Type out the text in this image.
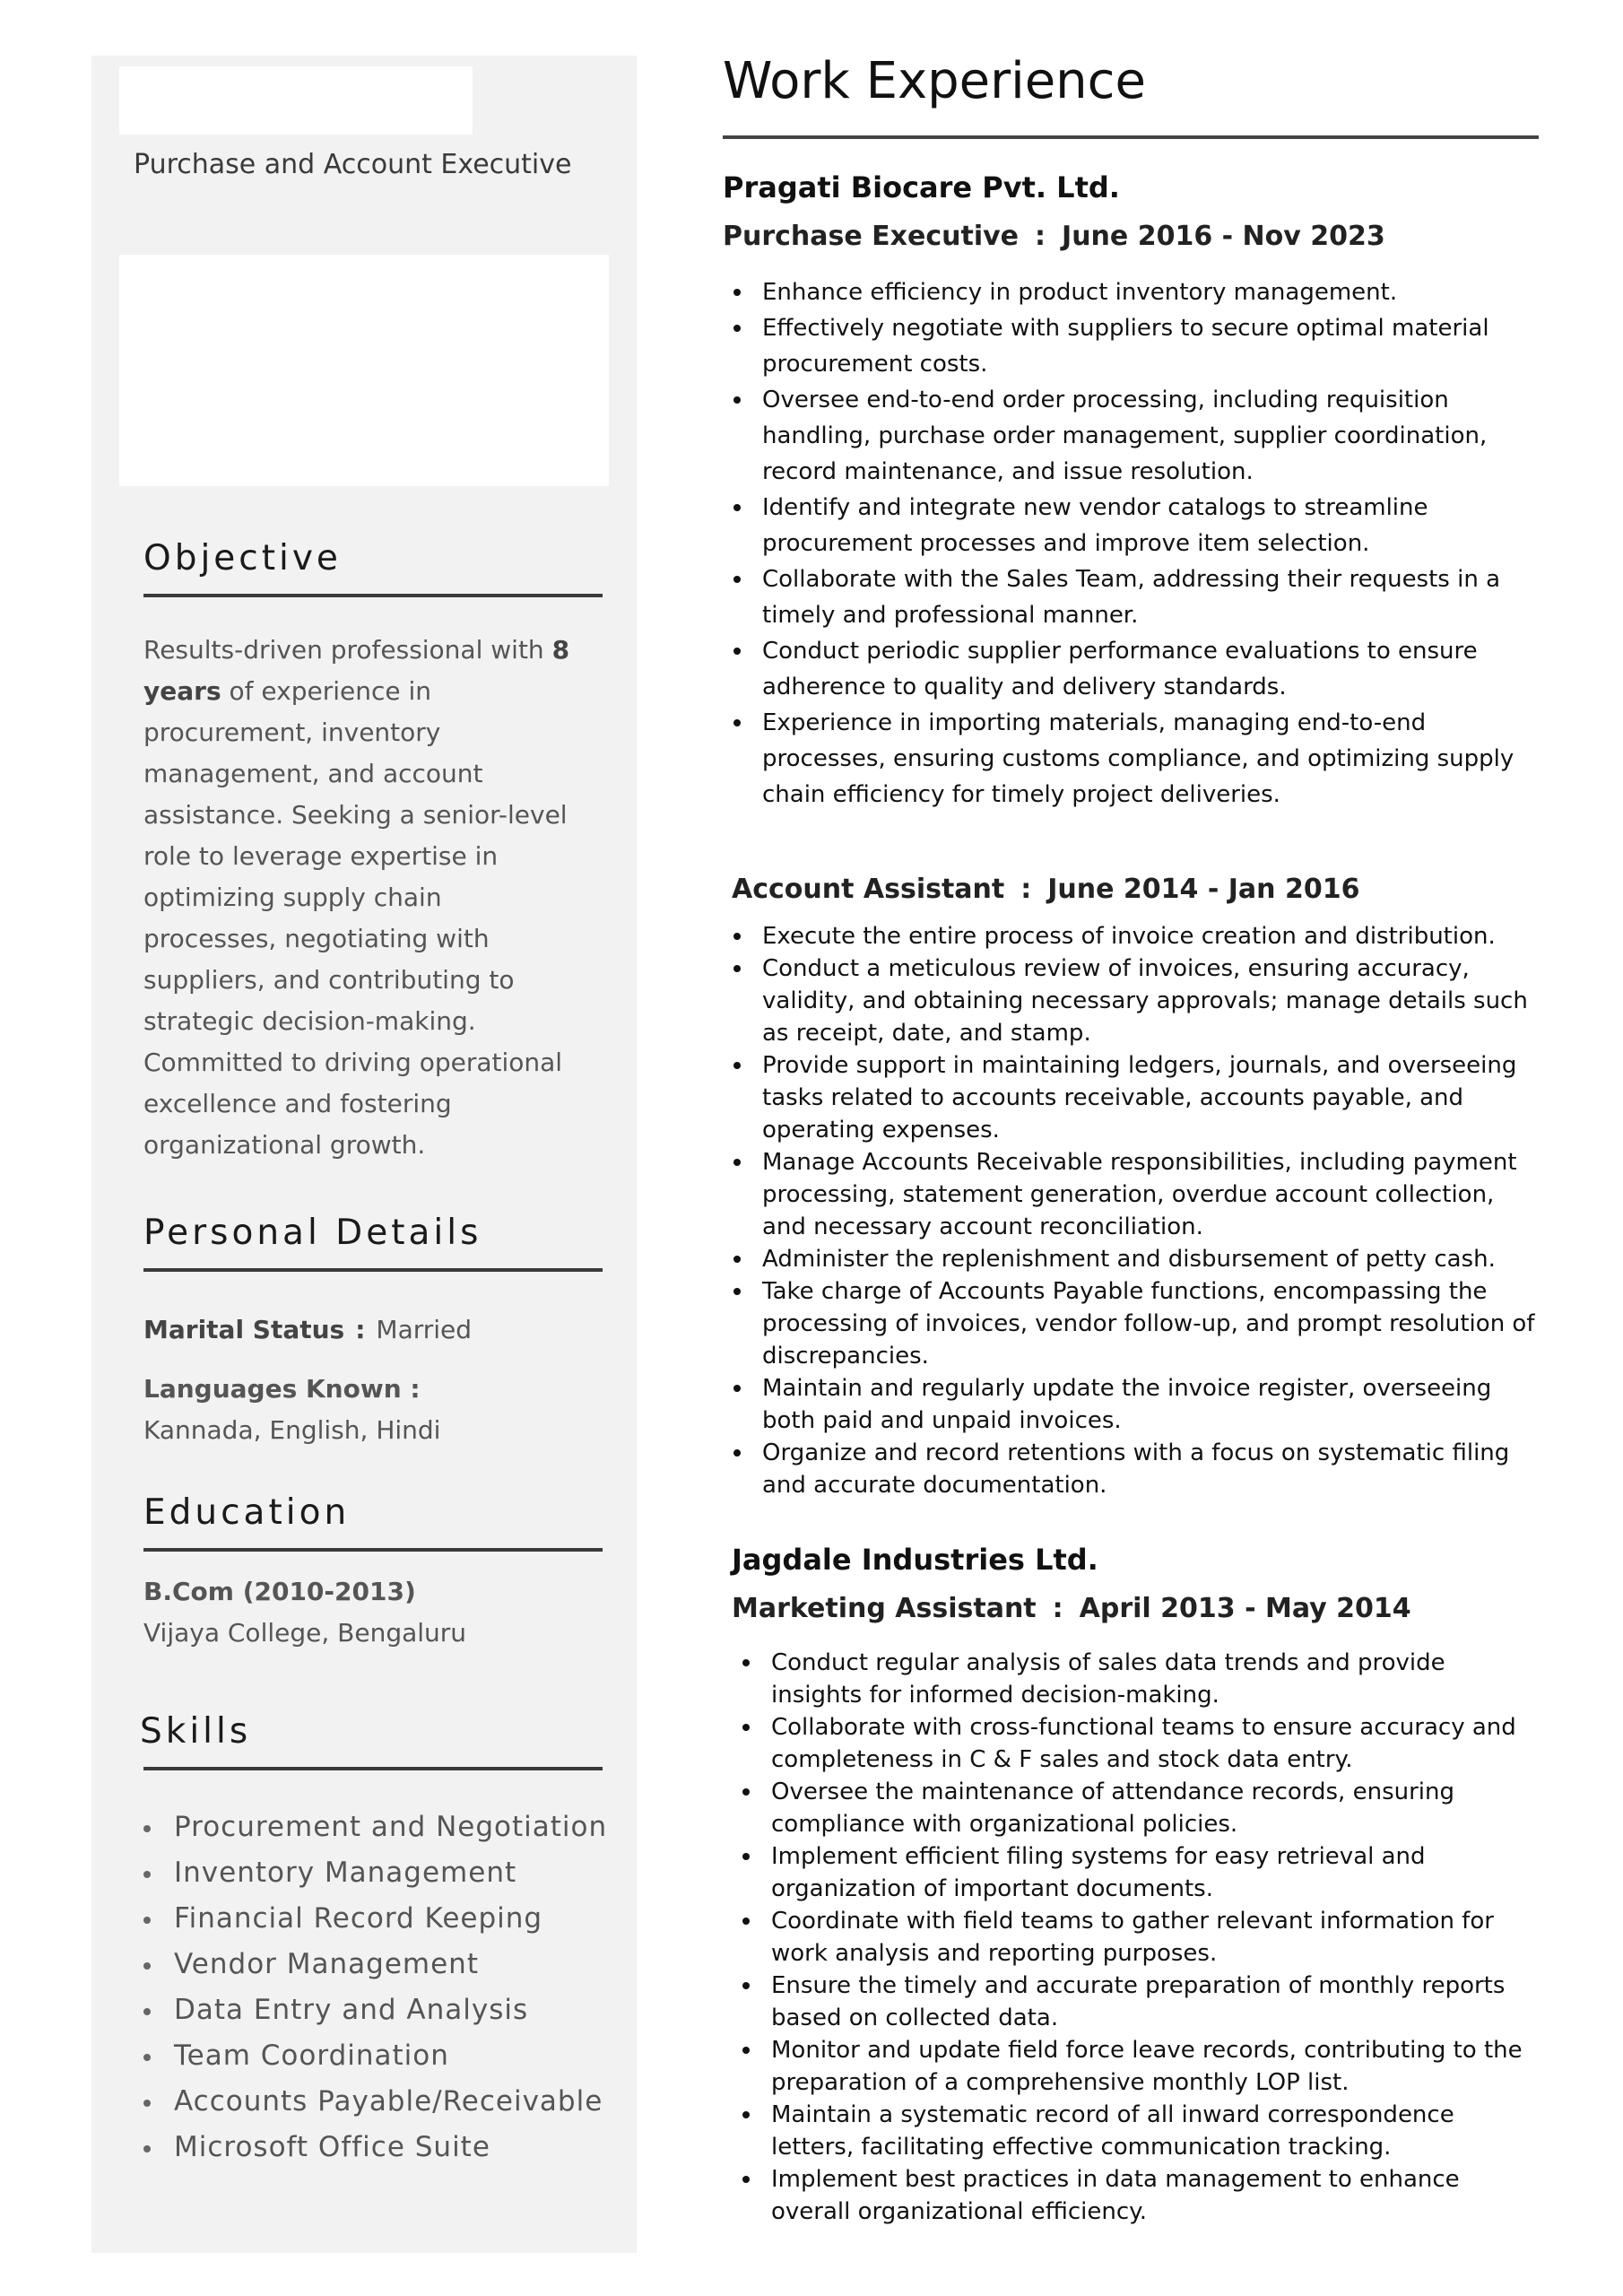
Purchase and Account Executive
Objective
Results-driven professional with 8 years of experience in procurement, inventory management, and account assistance. Seeking a senior-level role to leverage expertise in optimizing supply chain processes, negotiating with suppliers, and contributing to strategic decision-making. Committed to driving operational excellence and fostering organizational growth.
Personal Details
Marital Status : Married
Languages Known :
Kannada, English, Hindi
Education
B.Com (2010-2013)
Vijaya College, Bengaluru
Skills
Procurement and Negotiation
Inventory Management
Financial Record Keeping
Vendor Management
Data Entry and Analysis
Team Coordination
Accounts Payable/Receivable
Microsoft Office Suite
Work Experience
Pragati Biocare Pvt. Ltd.
Purchase Executive : June 2016 - Nov 2023
Enhance efficiency in product inventory management.
Effectively negotiate with suppliers to secure optimal material procurement costs.
Oversee end-to-end order processing, including requisition handling, purchase order management, supplier coordination, record maintenance, and issue resolution.
Identify and integrate new vendor catalogs to streamline procurement processes and improve item selection.
Collaborate with the Sales Team, addressing their requests in a timely and professional manner.
Conduct periodic supplier performance evaluations to ensure adherence to quality and delivery standards.
Experience in importing materials, managing end-to-end processes, ensuring customs compliance, and optimizing supply chain efficiency for timely project deliveries.
Account Assistant : June 2014 - Jan 2016
Execute the entire process of invoice creation and distribution.
Conduct a meticulous review of invoices, ensuring accuracy, validity, and obtaining necessary approvals; manage details such as receipt, date, and stamp.
Provide support in maintaining ledgers, journals, and overseeing tasks related to accounts receivable, accounts payable, and operating expenses.
Manage Accounts Receivable responsibilities, including payment processing, statement generation, overdue account collection, and necessary account reconciliation.
Administer the replenishment and disbursement of petty cash.
Take charge of Accounts Payable functions, encompassing the processing of invoices, vendor follow-up, and prompt resolution of discrepancies.
Maintain and regularly update the invoice register, overseeing both paid and unpaid invoices.
Organize and record retentions with a focus on systematic filing and accurate documentation.
Jagdale Industries Ltd.
Marketing Assistant : April 2013 - May 2014
Conduct regular analysis of sales data trends and provide insights for informed decision-making.
Collaborate with cross-functional teams to ensure accuracy and completeness in C & F sales and stock data entry.
Oversee the maintenance of attendance records, ensuring compliance with organizational policies.
Implement efficient filing systems for easy retrieval and organization of important documents.
Coordinate with field teams to gather relevant information for work analysis and reporting purposes.
Ensure the timely and accurate preparation of monthly reports based on collected data.
Monitor and update field force leave records, contributing to the preparation of a comprehensive monthly LOP list.
Maintain a systematic record of all inward correspondence letters, facilitating effective communication tracking.
Implement best practices in data management to enhance overall organizational efficiency.
